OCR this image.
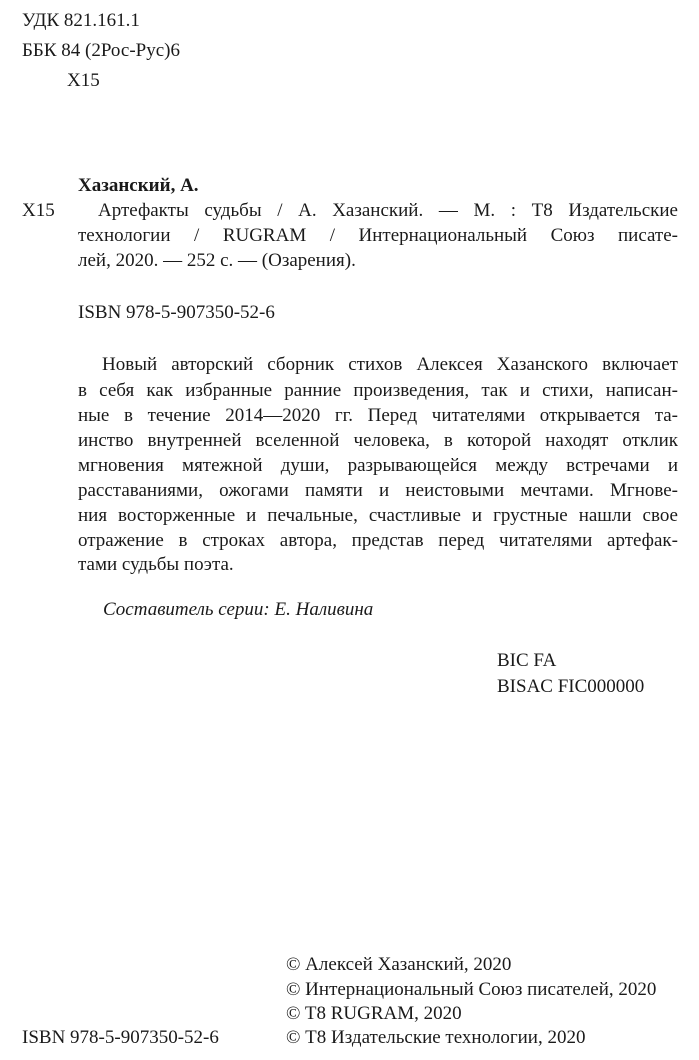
УДК 821.161.1
ББК 84 (2Рос-Рус)6
Х15
Хазанский, А.
Х15 Артефакты судьбы / А. Хазанский. — М. : Т8 Издательские
технологии / RUGRAM / Интернациональный Союз писате-
лей, 2020. — 252 с. — (Озарения).
ISBN 978-5-907350-52-6
Новый авторский сборник стихов Алексея Хазанского включает
в себя как избранные ранние произведения, так и стихи, написан-
ные в течение 2014—2020 гг. Перед читателями открывается та-
инство внутренней вселенной человека, в которой находят отклик
мгновения мятежной души, разрывающейся между встречами и
расставаниями, ожогами памяти и неистовыми мечтами. Мгнове-
ния восторженные и печальные, счастливые и грустные нашли свое
отражение в строках автора, представ перед читателями артефак-
тами судьбы поэта.
Составитель серии: Е. Наливина
BIC FA
BISAC FIC000000
© Алексей Хазанский, 2020
© Интернациональный Союз писателей, 2020
© T8 RUGRAM, 2020
ISBN 978-5-907350-52-6	© Т8 Издательские технологии, 2020
